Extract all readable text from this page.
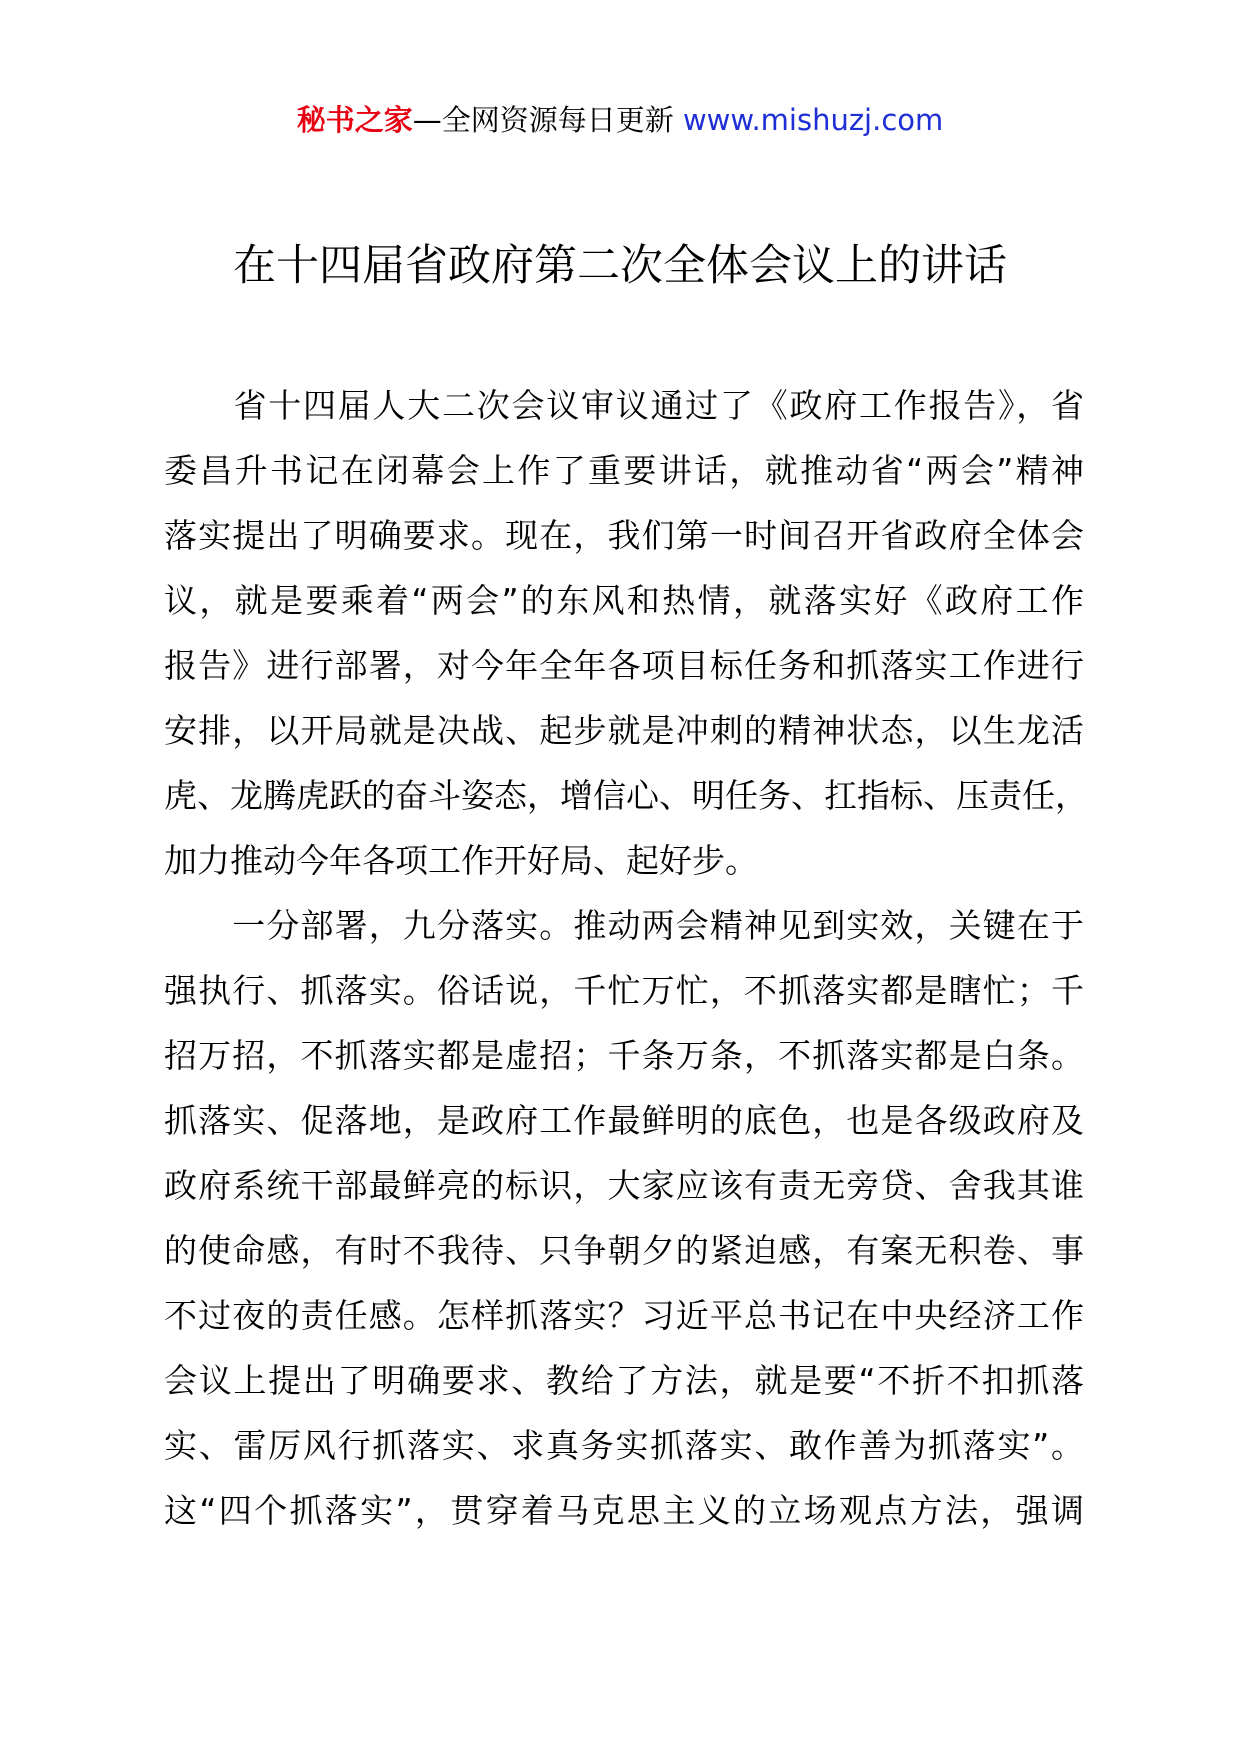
秘书之家—全网资源每日更新 www.mishuzj.com
在十四届省政府第二次全体会议上的讲话
　　省十四届人大二次会议审议通过了《政府工作报告》，省
委昌升书记在闭幕会上作了重要讲话，就推动省“两会”精神
落实提出了明确要求。现在，我们第一时间召开省政府全体会
议，就是要乘着“两会”的东风和热情，就落实好《政府工作
报告》进行部署，对今年全年各项目标任务和抓落实工作进行
安排，以开局就是决战、起步就是冲刺的精神状态，以生龙活
虎、龙腾虎跃的奋斗姿态，增信心、明任务、扛指标、压责任，
加力推动今年各项工作开好局、起好步。
　　一分部署，九分落实。推动两会精神见到实效，关键在于
强执行、抓落实。俗话说，千忙万忙，不抓落实都是瞎忙；千
招万招，不抓落实都是虚招；千条万条，不抓落实都是白条。
抓落实、促落地，是政府工作最鲜明的底色，也是各级政府及
政府系统干部最鲜亮的标识，大家应该有责无旁贷、舍我其谁
的使命感，有时不我待、只争朝夕的紧迫感，有案无积卷、事
不过夜的责任感。怎样抓落实？习近平总书记在中央经济工作
会议上提出了明确要求、教给了方法，就是要“不折不扣抓落
实、雷厉风行抓落实、求真务实抓落实、敢作善为抓落实”。
这“四个抓落实”，贯穿着马克思主义的立场观点方法，强调
